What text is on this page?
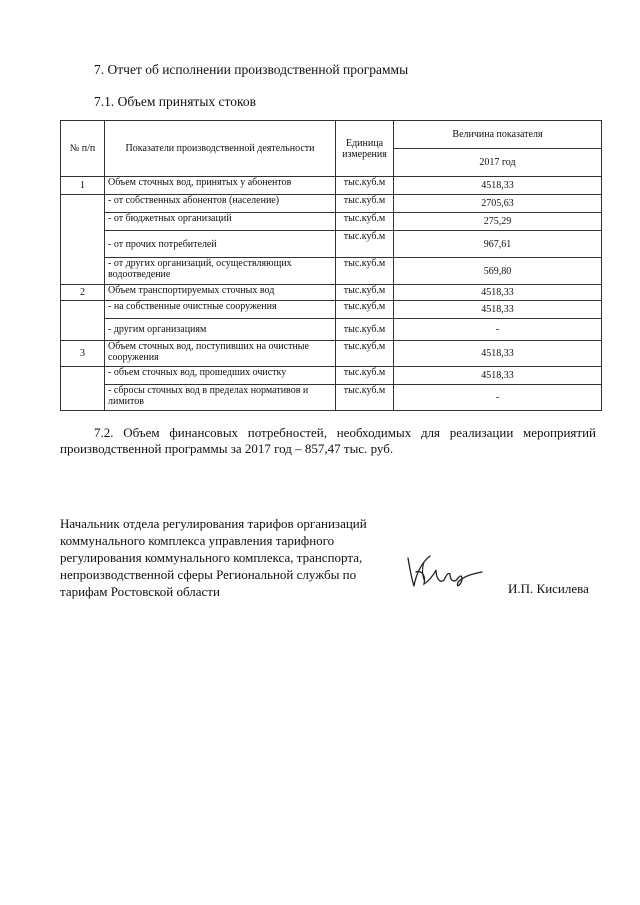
7. Отчет об исполнении производственной программы
7.1. Объем принятых стоков
№ п/п	Показатели производственной деятельности	Единица измерения	Величина показателя
			2017 год
1	Объем сточных вод, принятых у абонентов	тыс.куб.м	4518,33
	- от собственных абонентов (население)	тыс.куб.м	2705,63
	- от бюджетных организаций	тыс.куб.м	275,29
	- от прочих потребителей	тыс.куб.м	967,61
	- от других организаций, осуществляющих водоотведение	тыс.куб.м	569,80
2	Объем транспортируемых сточных вод	тыс.куб.м	4518,33
	- на собственные очистные сооружения	тыс.куб.м	4518,33
	- другим организациям	тыс.куб.м	-
3	Объем сточных вод, поступивших на очистные сооружения	тыс.куб.м	4518,33
	- объем сточных вод, прошедших очистку	тыс.куб.м	4518,33
	- сбросы сточных вод в пределах нормативов и лимитов	тыс.куб.м	-
7.2. Объем финансовых потребностей, необходимых для реализации мероприятий производственной программы за 2017 год – 857,47 тыс. руб.
Начальник отдела регулирования тарифов организаций коммунального комплекса управления тарифного регулирования коммунального комплекса, транспорта, непроизводственной сферы Региональной службы по тарифам Ростовской области	И.П. Кисилева
